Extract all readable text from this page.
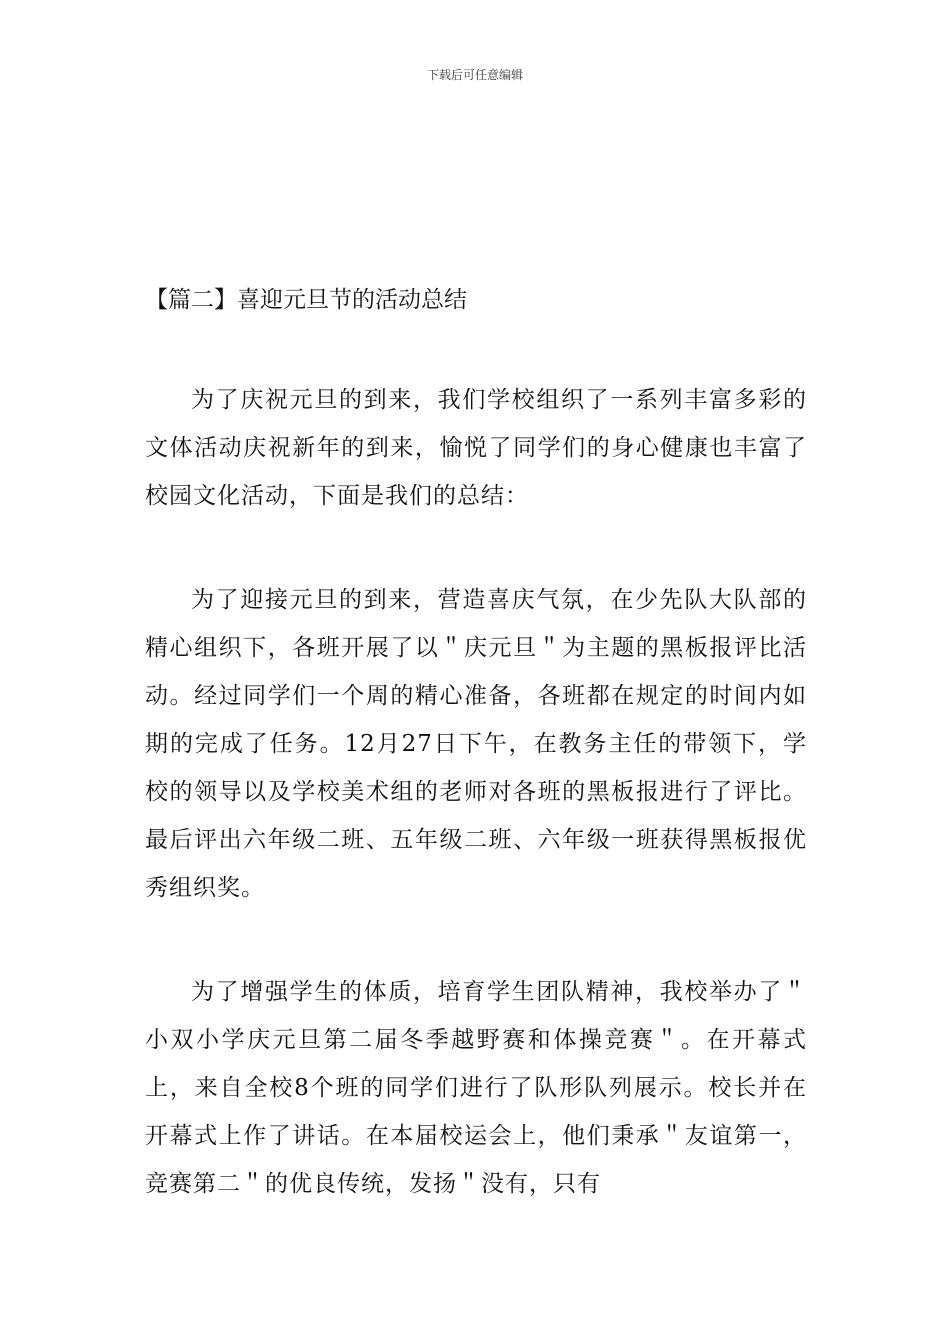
下载后可任意编辑
【篇二】喜迎元旦节的活动总结
为了庆祝元旦的到来，我们学校组织了一系列丰富多彩的文体活动庆祝新年的到来，愉悦了同学们的身心健康也丰富了校园文化活动，下面是我们的总结：
为了迎接元旦的到来，营造喜庆气氛，在少先队大队部的精心组织下，各班开展了以＂庆元旦＂为主题的黑板报评比活动。经过同学们一个周的精心准备，各班都在规定的时间内如期的完成了任务。12月27日下午，在教务主任的带领下，学校的领导以及学校美术组的老师对各班的黑板报进行了评比。最后评出六年级二班、五年级二班、六年级一班获得黑板报优秀组织奖。
为了增强学生的体质，培育学生团队精神，我校举办了＂小双小学庆元旦第二届冬季越野赛和体操竞赛＂。在开幕式上，来自全校8个班的同学们进行了队形队列展示。校长并在开幕式上作了讲话。在本届校运会上，他们秉承＂友谊第一，竞赛第二＂的优良传统，发扬＂没有，只有
